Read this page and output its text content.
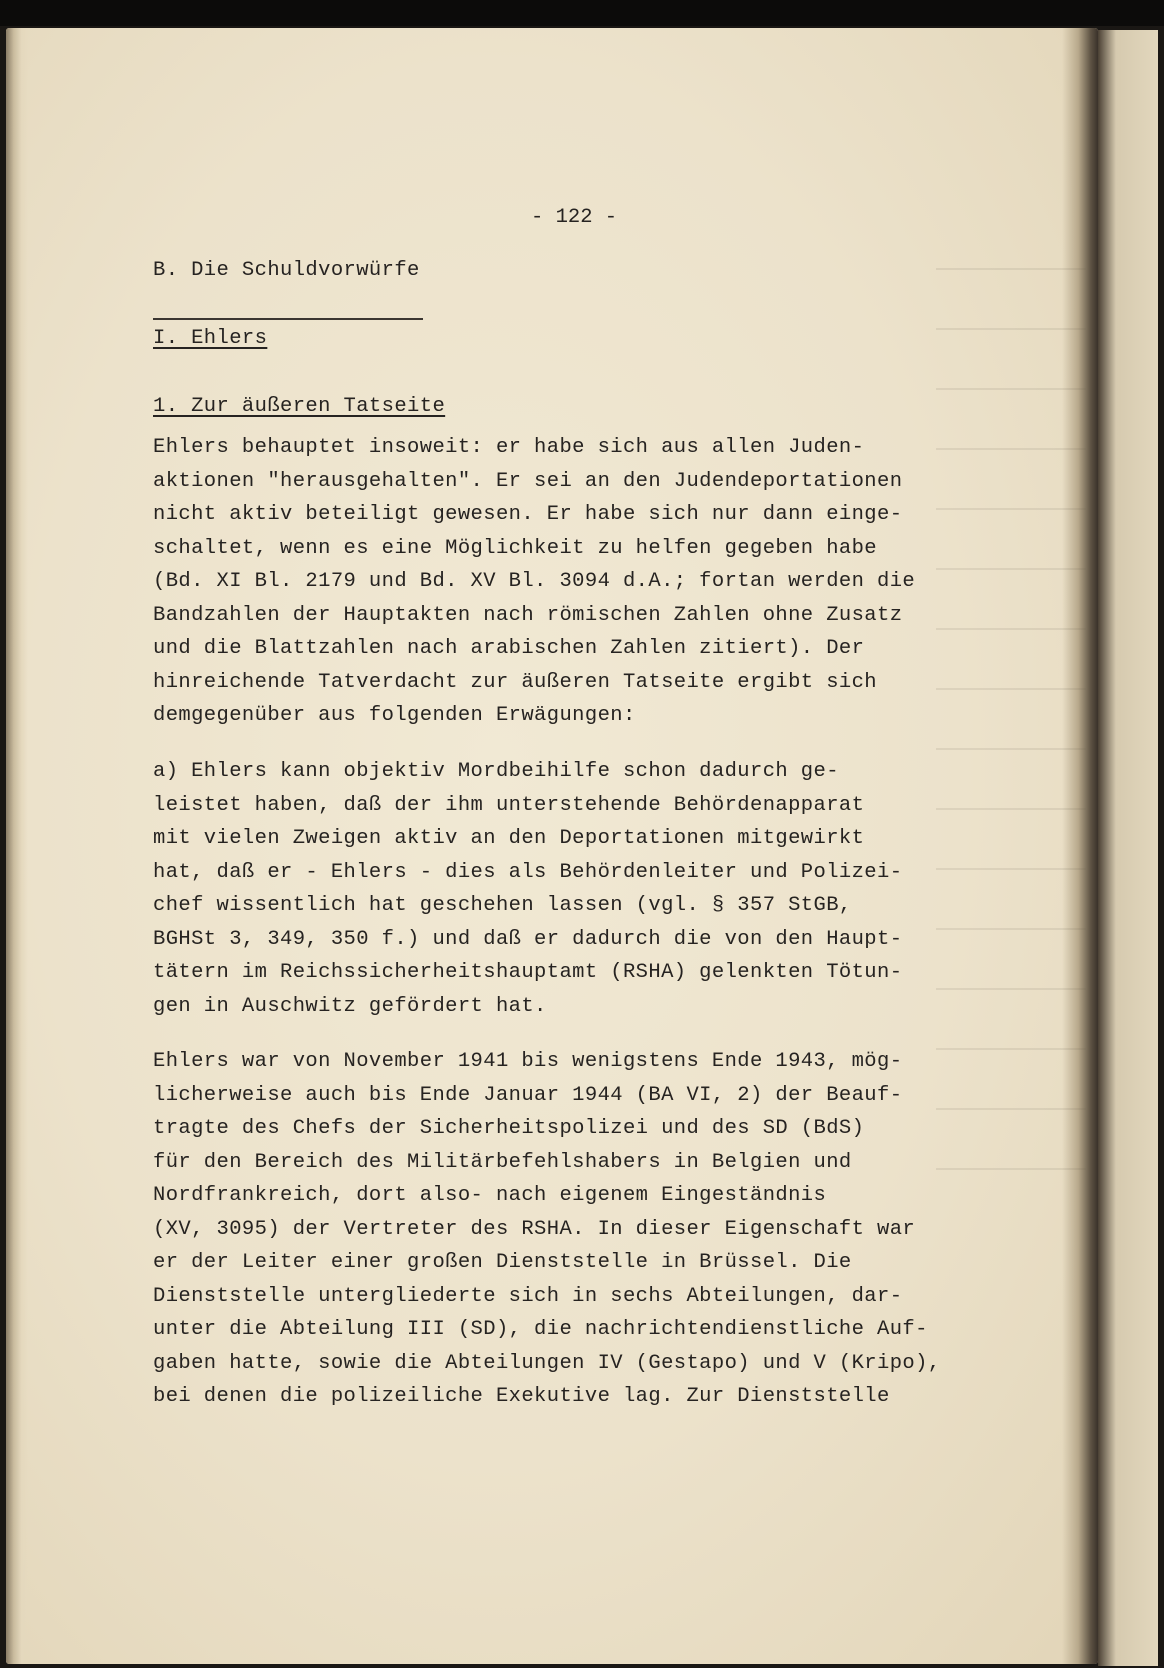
- 122 -
B. Die Schuldvorwürfe
I. Ehlers
1. Zur äußeren Tatseite
Ehlers behauptet insoweit: er habe sich aus allen Juden-
aktionen "herausgehalten". Er sei an den Judendeportationen
nicht aktiv beteiligt gewesen. Er habe sich nur dann einge-
schaltet, wenn es eine Möglichkeit zu helfen gegeben habe
(Bd. XI Bl. 2179 und Bd. XV Bl. 3094 d.A.; fortan werden die
Bandzahlen der Hauptakten nach römischen Zahlen ohne Zusatz
und die Blattzahlen nach arabischen Zahlen zitiert). Der
hinreichende Tatverdacht zur äußeren Tatseite ergibt sich
demgegenüber aus folgenden Erwägungen:
a) Ehlers kann objektiv Mordbeihilfe schon dadurch ge-
leistet haben, daß der ihm unterstehende Behördenapparat
mit vielen Zweigen aktiv an den Deportationen mitgewirkt
hat, daß er - Ehlers - dies als Behördenleiter und Polizei-
chef wissentlich hat geschehen lassen (vgl. § 357 StGB,
BGHSt 3, 349, 350 f.) und daß er dadurch die von den Haupt-
tätern im Reichssicherheitshauptamt (RSHA) gelenkten Tötun-
gen in Auschwitz gefördert hat.
Ehlers war von November 1941 bis wenigstens Ende 1943, mög-
licherweise auch bis Ende Januar 1944 (BA VI, 2) der Beauf-
tragte des Chefs der Sicherheitspolizei und des SD (BdS)
für den Bereich des Militärbefehlshabers in Belgien und
Nordfrankreich, dort also- nach eigenem Eingeständnis
(XV, 3095) der Vertreter des RSHA. In dieser Eigenschaft war
er der Leiter einer großen Dienststelle in Brüssel. Die
Dienststelle untergliederte sich in sechs Abteilungen, dar-
unter die Abteilung III (SD), die nachrichtendienstliche Auf-
gaben hatte, sowie die Abteilungen IV (Gestapo) und V (Kripo),
bei denen die polizeiliche Exekutive lag. Zur Dienststelle
